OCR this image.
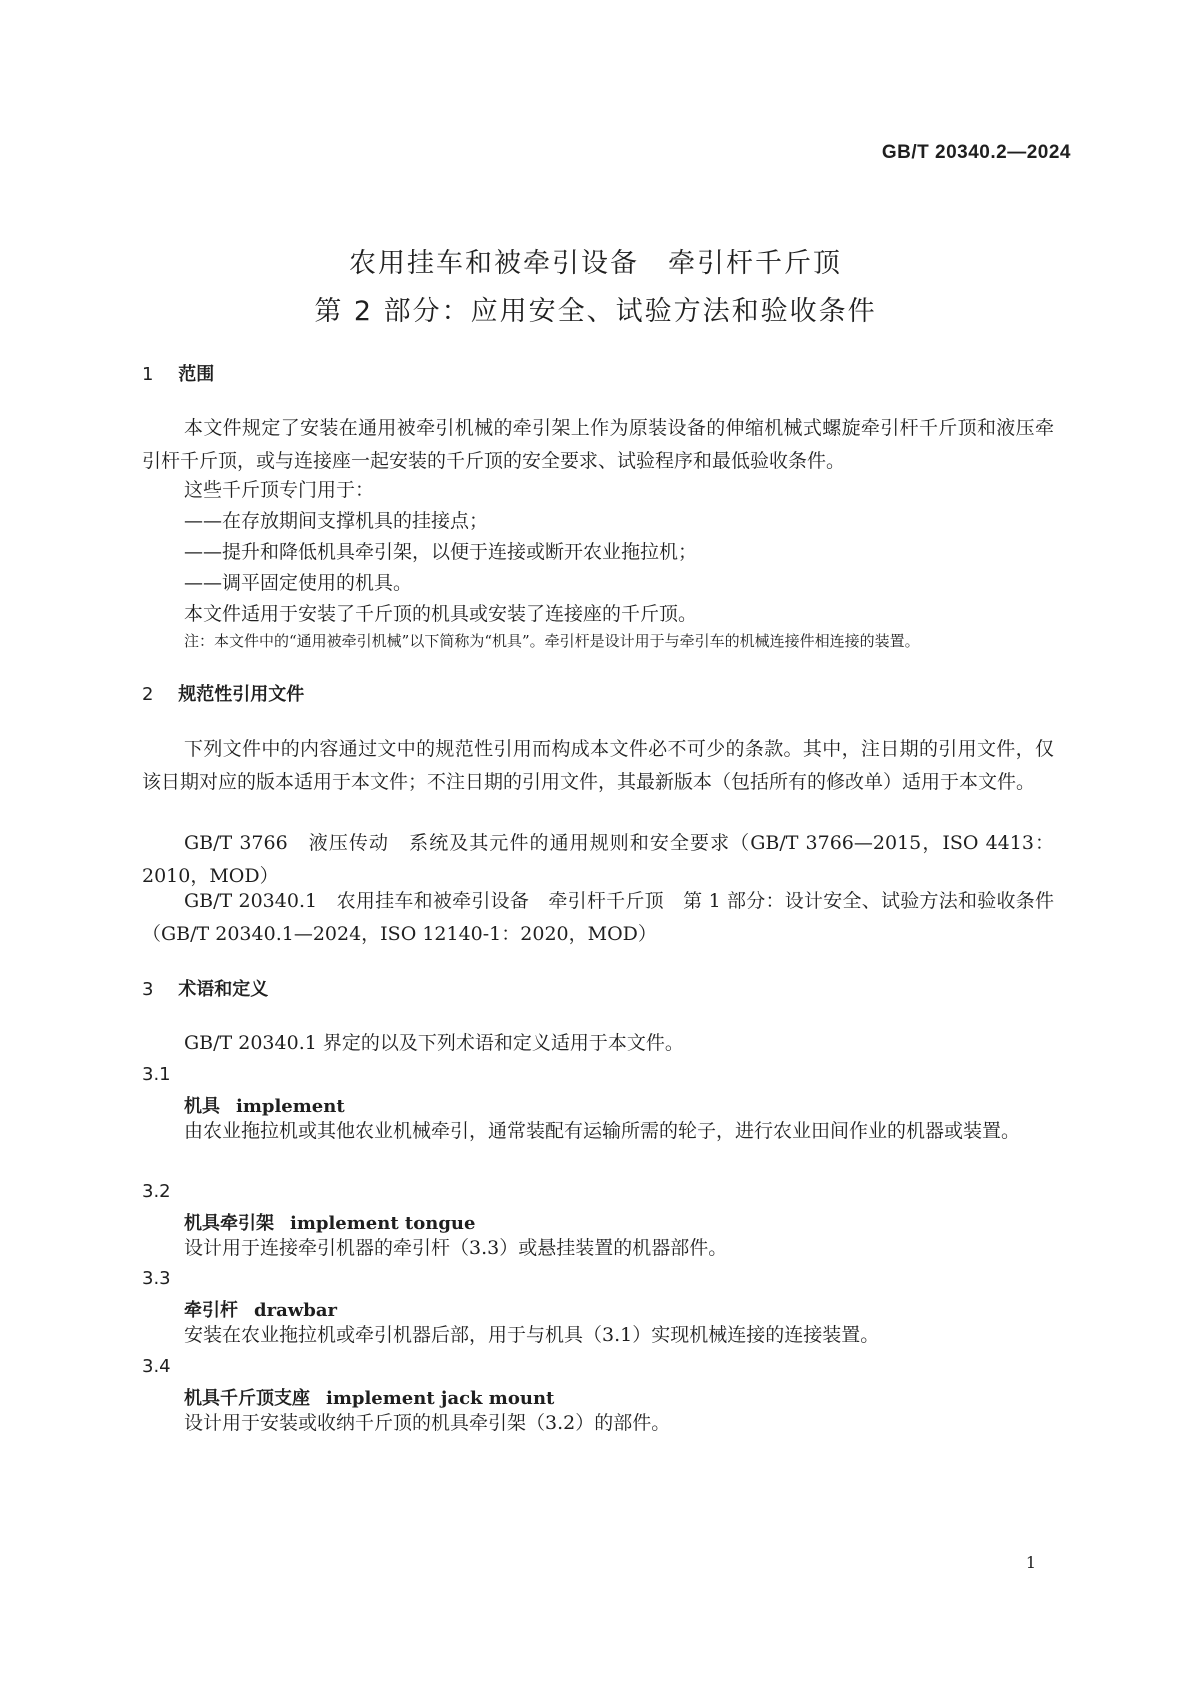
GB/T 20340.2—2024
农用挂车和被牵引设备　牵引杆千斤顶
第 2 部分：应用安全、试验方法和验收条件
1 范围

本文件规定了安装在通用被牵引机械的牵引架上作为原装设备的伸缩机械式螺旋牵引杆千斤顶和液压牵引杆千斤顶，或与连接座一起安装的千斤顶的安全要求、试验程序和最低验收条件。

这些千斤顶专门用于：
——在存放期间支撑机具的挂接点；
——提升和降低机具牵引架，以便于连接或断开农业拖拉机；
——调平固定使用的机具。
本文件适用于安装了千斤顶的机具或安装了连接座的千斤顶。
注：本文件中的“通用被牵引机械”以下简称为“机具”。牵引杆是设计用于与牵引车的机械连接件相连接的装置。
2 规范性引用文件

下列文件中的内容通过文中的规范性引用而构成本文件必不可少的条款。其中，注日期的引用文件，仅该日期对应的版本适用于本文件；不注日期的引用文件，其最新版本（包括所有的修改单）适用于本文件。

GB/T 3766　液压传动　系统及其元件的通用规则和安全要求（GB/T 3766—2015，ISO 4413：2010，MOD）

GB/T 20340.1　农用挂车和被牵引设备　牵引杆千斤顶　第 1 部分：设计安全、试验方法和验收条件（GB/T 20340.1—2024，ISO 12140-1：2020，MOD）

3 术语和定义
GB/T 20340.1 界定的以及下列术语和定义适用于本文件。
3.1
机具 implement

由农业拖拉机或其他农业机械牵引，通常装配有运输所需的轮子，进行农业田间作业的机器或装置。

3.2
机具牵引架 implement tongue

设计用于连接牵引机器的牵引杆（3.3）或悬挂装置的机器部件。

3.3
牵引杆 drawbar

安装在农业拖拉机或牵引机器后部，用于与机具（3.1）实现机械连接的连接装置。

3.4
机具千斤顶支座 implement jack mount

设计用于安装或收纳千斤顶的机具牵引架（3.2）的部件。

1
